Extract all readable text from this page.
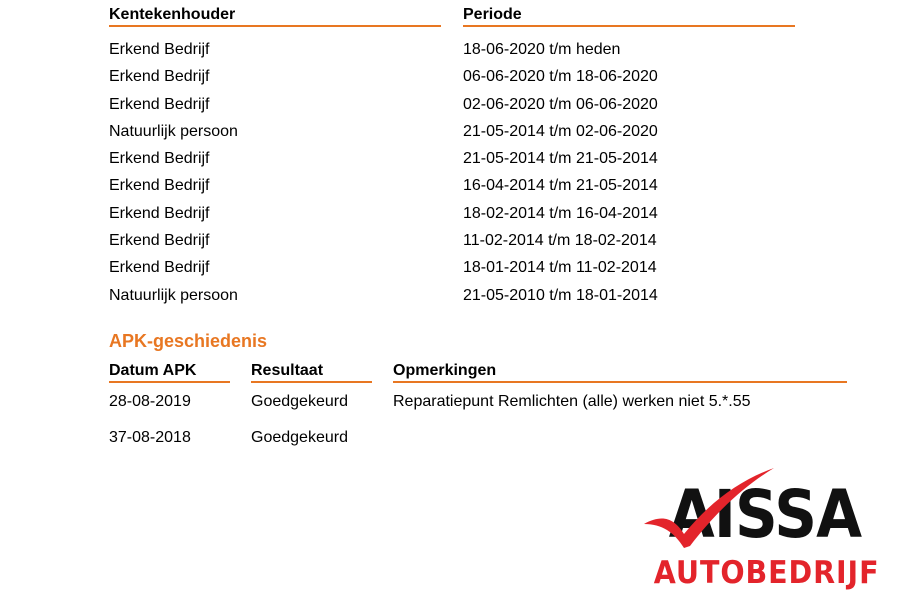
Kentekenhouder	Periode
Erkend Bedrijf	18-06-2020 t/m heden
Erkend Bedrijf	06-06-2020 t/m 18-06-2020
Erkend Bedrijf	02-06-2020 t/m 06-06-2020
Natuurlijk persoon	21-05-2014 t/m 02-06-2020
Erkend Bedrijf	21-05-2014 t/m 21-05-2014
Erkend Bedrijf	16-04-2014 t/m 21-05-2014
Erkend Bedrijf	18-02-2014 t/m 16-04-2014
Erkend Bedrijf	11-02-2014 t/m 18-02-2014
Erkend Bedrijf	18-01-2014 t/m 11-02-2014
Natuurlijk persoon	21-05-2010 t/m 18-01-2014
APK-geschiedenis
Datum APK	Resultaat	Opmerkingen
28-08-2019	Goedgekeurd	Reparatiepunt Remlichten (alle) werken niet 5.*.55
37-08-2018	Goedgekeurd
AISSA
AUTOBEDRIJF
